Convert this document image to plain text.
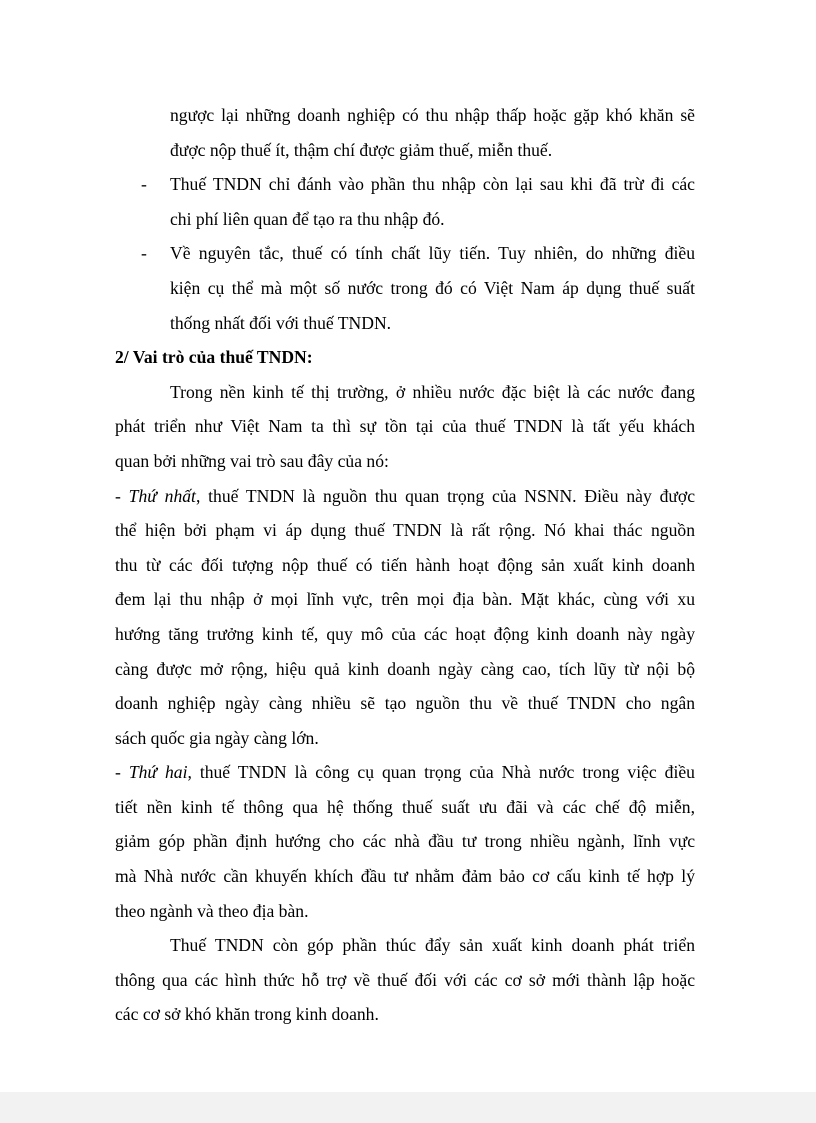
ngược lại những doanh nghiệp có thu nhập thấp hoặc gặp khó khăn sẽ
được nộp thuế ít, thậm chí được giảm thuế, miễn thuế.
- Thuế TNDN chỉ đánh vào phần thu nhập còn lại sau khi đã trừ đi các
chi phí liên quan để tạo ra thu nhập đó.
- Về nguyên tắc, thuế có tính chất lũy tiến. Tuy nhiên, do những điều
kiện cụ thể mà một số nước trong đó có Việt Nam áp dụng thuế suất
thống nhất đối với thuế TNDN.
2/ Vai trò của thuế TNDN:
Trong nền kinh tế thị trường, ở nhiều nước đặc biệt là các nước đang
phát triển như Việt Nam ta thì sự tồn tại của thuế TNDN là tất yếu khách
quan bởi những vai trò sau đây của nó:
- Thứ nhất, thuế TNDN là nguồn thu quan trọng của NSNN. Điều này được
thể hiện bởi phạm vi áp dụng thuế TNDN là rất rộng. Nó khai thác nguồn
thu từ các đối tượng nộp thuế có tiến hành hoạt động sản xuất kinh doanh
đem lại thu nhập ở mọi lĩnh vực, trên mọi địa bàn. Mặt khác, cùng với xu
hướng tăng trưởng kinh tế, quy mô của các hoạt động kinh doanh này ngày
càng được mở rộng, hiệu quả kinh doanh ngày càng cao, tích lũy từ nội bộ
doanh nghiệp ngày càng nhiều sẽ tạo nguồn thu về thuế TNDN cho ngân
sách quốc gia ngày càng lớn.
- Thứ hai, thuế TNDN là công cụ quan trọng của Nhà nước trong việc điều
tiết nền kinh tế thông qua hệ thống thuế suất ưu đãi và các chế độ miễn,
giảm góp phần định hướng cho các nhà đầu tư trong nhiều ngành, lĩnh vực
mà Nhà nước cần khuyến khích đầu tư nhằm đảm bảo cơ cấu kinh tế hợp lý
theo ngành và theo địa bàn.
Thuế TNDN còn góp phần thúc đẩy sản xuất kinh doanh phát triển
thông qua các hình thức hỗ trợ về thuế đối với các cơ sở mới thành lập hoặc
các cơ sở khó khăn trong kinh doanh.
